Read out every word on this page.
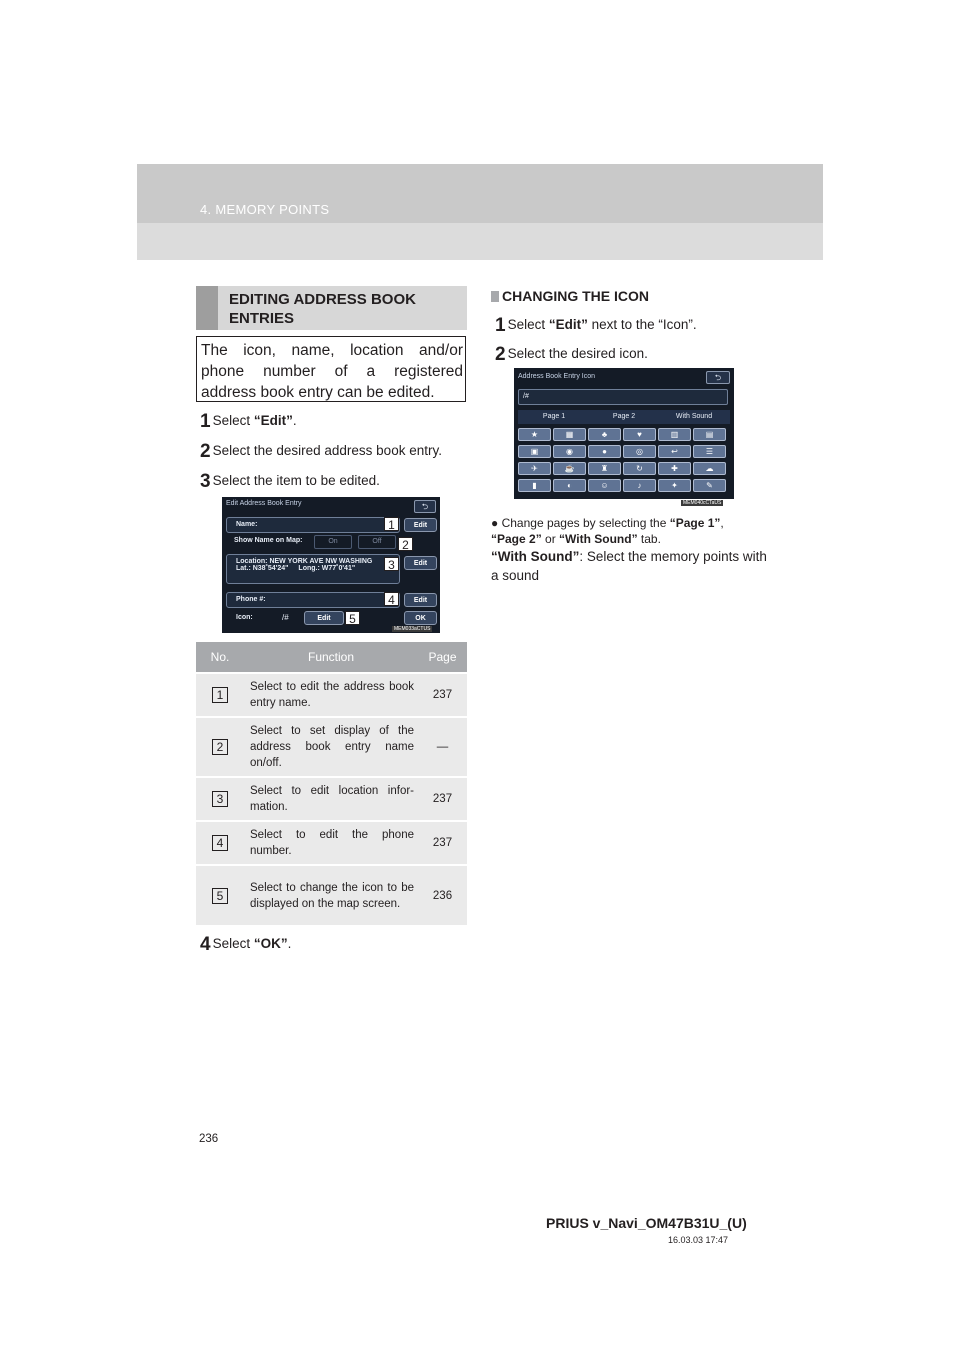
4. MEMORY POINTS
EDITING ADDRESS BOOK ENTRIES
The icon, name, location and/or phone number of a registered address book entry can be edited.
1 Select “Edit”.
2 Select the desired address book entry.
3 Select the item to be edited.
Edit Address Book Entry	⮌
Name:	Edit
Show Name on Map:	On	Off
Location: NEW YORK AVE NW WASHING
Lat.: N38˚54'24" Long.: W77˚0'41"
Edit
Phone #:	Edit
Icon:	/#	Edit	OK
1
2
3
4
5
MEM033aCTUS
No.	Function	Page
1	Select to edit the address book entry name.	237
2	Select to set display of the address book entry name on/off.	—
3	Select to edit location infor-mation.	237
4	Select to edit the phone number.	237
5	Select to change the icon to be displayed on the map screen.	236
4 Select “OK”.
CHANGING THE ICON
1 Select “Edit” next to the “Icon”.
2 Select the desired icon.
Address Book Entry Icon	⮌
/#
Page 1	Page 2	With Sound
★	▦	♣	♥	▥	▤
▣	◉	●	◎	↩	☰
✈	☕	♜	↻	✚	☁
▮	◐	☺	♪	✦	✎
MEM040cCTaUS
● Change pages by selecting the “Page 1”, “Page 2” or “With Sound” tab.
“With Sound”: Select the memory points with a sound
236
PRIUS v_Navi_OM47B31U_(U)
16.03.03 17:47
